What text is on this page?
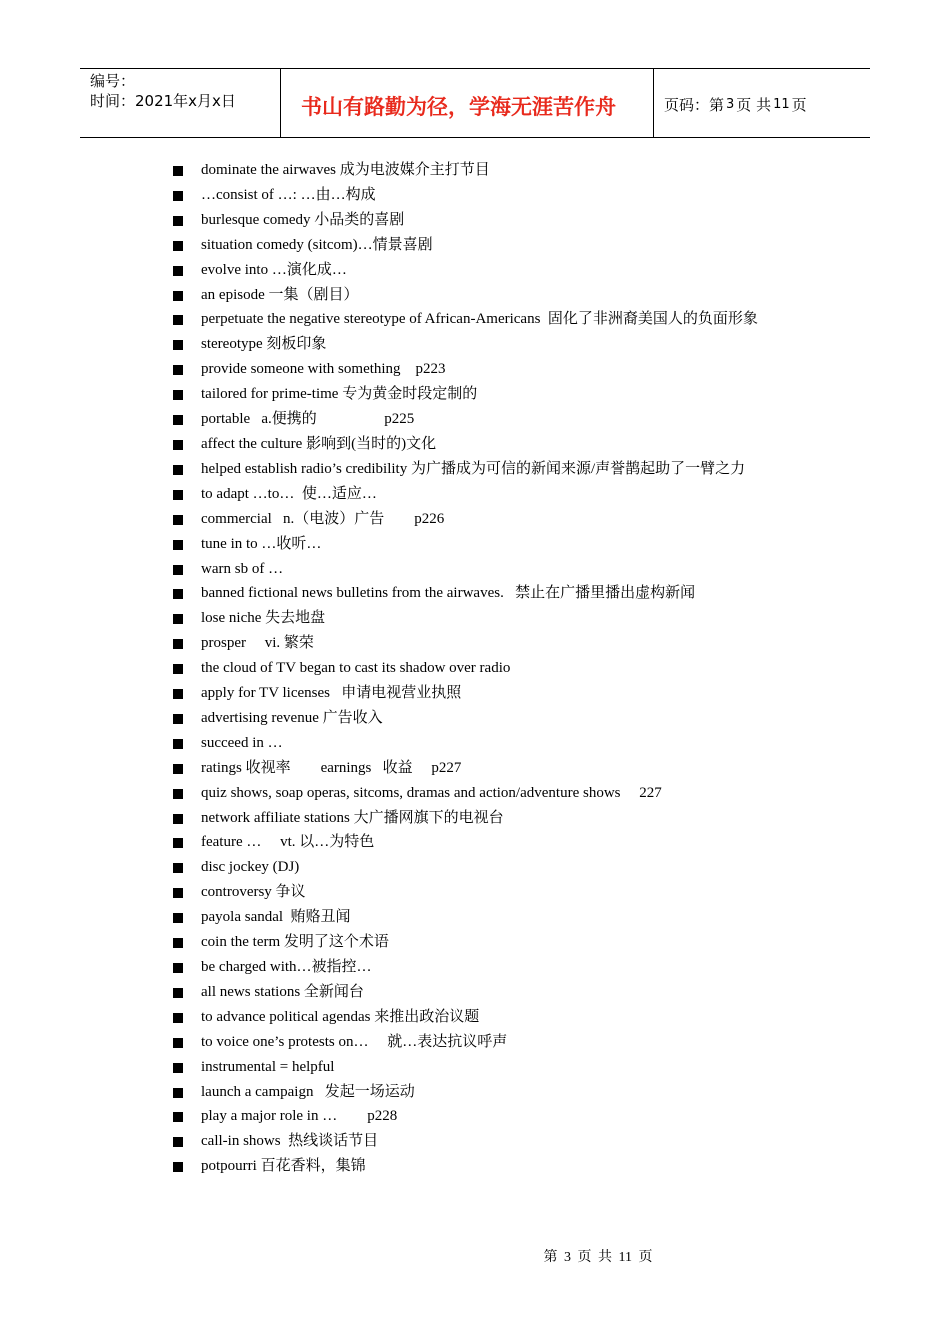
编号：
时间：2021年x月x日	书山有路勤为径，学海无涯苦作舟	页码：第 3 页 共 11 页
dominate the airwaves 成为电波媒介主打节目
…consist of …: …由…构成
burlesque comedy 小品类的喜剧
situation comedy (sitcom)…情景喜剧
evolve into …演化成…
an episode 一集（剧目）
perpetuate the negative stereotype of African-Americans  固化了非洲裔美国人的负面形象
stereotype 刻板印象
provide someone with something    p223
tailored for prime-time 专为黄金时段定制的
portable   a.便携的                  p225
affect the culture 影响到(当时的)文化
helped establish radio’s credibility 为广播成为可信的新闻来源/声誉鹊起助了一臂之力
to adapt …to…  使…适应…
commercial   n.（电波）广告        p226
tune in to …收听…
warn sb of …
banned fictional news bulletins from the airwaves.   禁止在广播里播出虚构新闻
lose niche 失去地盘
prosper     vi. 繁荣
the cloud of TV began to cast its shadow over radio
apply for TV licenses   申请电视营业执照
advertising revenue 广告收入
succeed in …
ratings 收视率        earnings   收益     p227
quiz shows, soap operas, sitcoms, dramas and action/adventure shows     227
network affiliate stations 大广播网旗下的电视台
feature …     vt. 以…为特色
disc jockey (DJ)
controversy 争议
payola sandal  贿赂丑闻
coin the term 发明了这个术语
be charged with…被指控…
all news stations 全新闻台
to advance political agendas 来推出政治议题
to voice one’s protests on…     就…表达抗议呼声
instrumental = helpful
launch a campaign   发起一场运动
play a major role in …        p228
call-in shows  热线谈话节目
potpourri 百花香料，集锦
第 3 页 共 11 页
